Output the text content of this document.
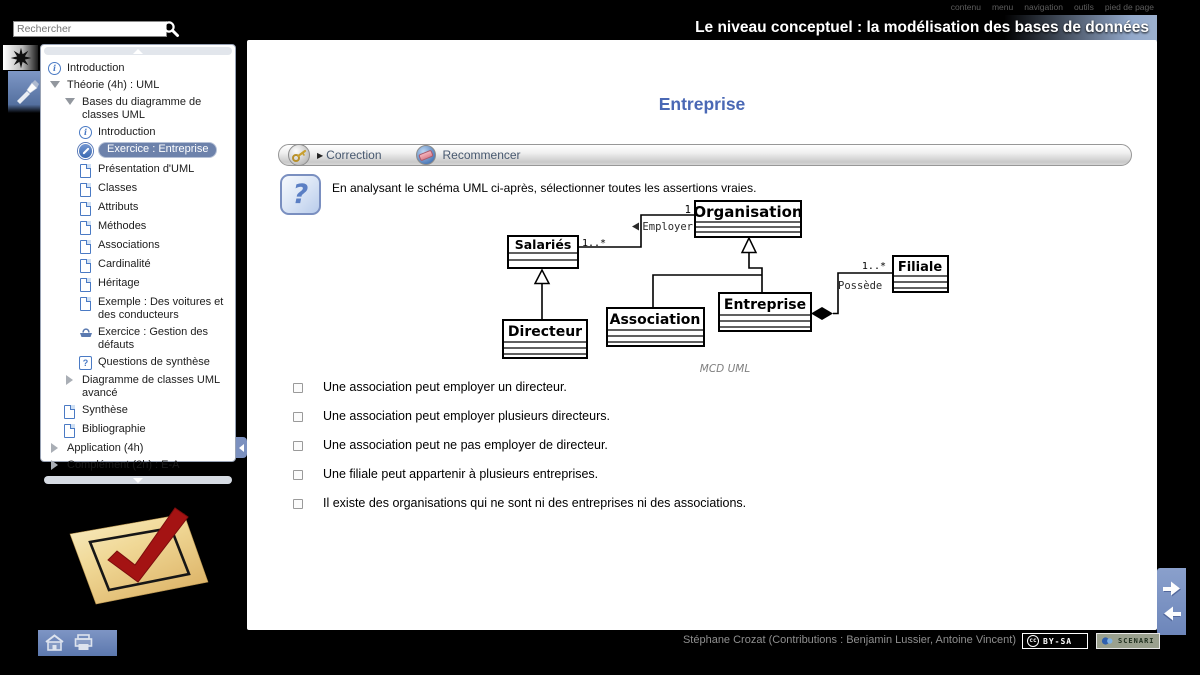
contenu menu navigation outils pied de page
Rechercher
Le niveau conceptuel : la modélisation des bases de données
i Introduction
Théorie (4h) : UML
Bases du diagramme de classes UML
i Introduction
Exercice : Entreprise
Présentation d'UML
Classes
Attributs
Méthodes
Associations
Cardinalité
Héritage
Exemple : Des voitures et des conducteurs
Exercice : Gestion des défauts
? Questions de synthèse
Diagramme de classes UML avancé
Synthèse
Bibliographie
Application (4h)
Complément (2h) : E-A
Entreprise
▶ Correction	Recommencer
?	En analysant le schéma UML ci-après, sélectionner toutes les assertions vraies.
Employer
1
1..*
1..*
Possède
Salariés
Organisation
Filiale
Entreprise
Association
Directeur
MCD UML
Une association peut employer un directeur.
Une association peut employer plusieurs directeurs.
Une association peut ne pas employer de directeur.
Une filiale peut appartenir à plusieurs entreprises.
Il existe des organisations qui ne sont ni des entreprises ni des associations.
Stéphane Crozat (Contributions : Benjamin Lussier, Antoine Vincent)	cc BY-SA	SCENARI
